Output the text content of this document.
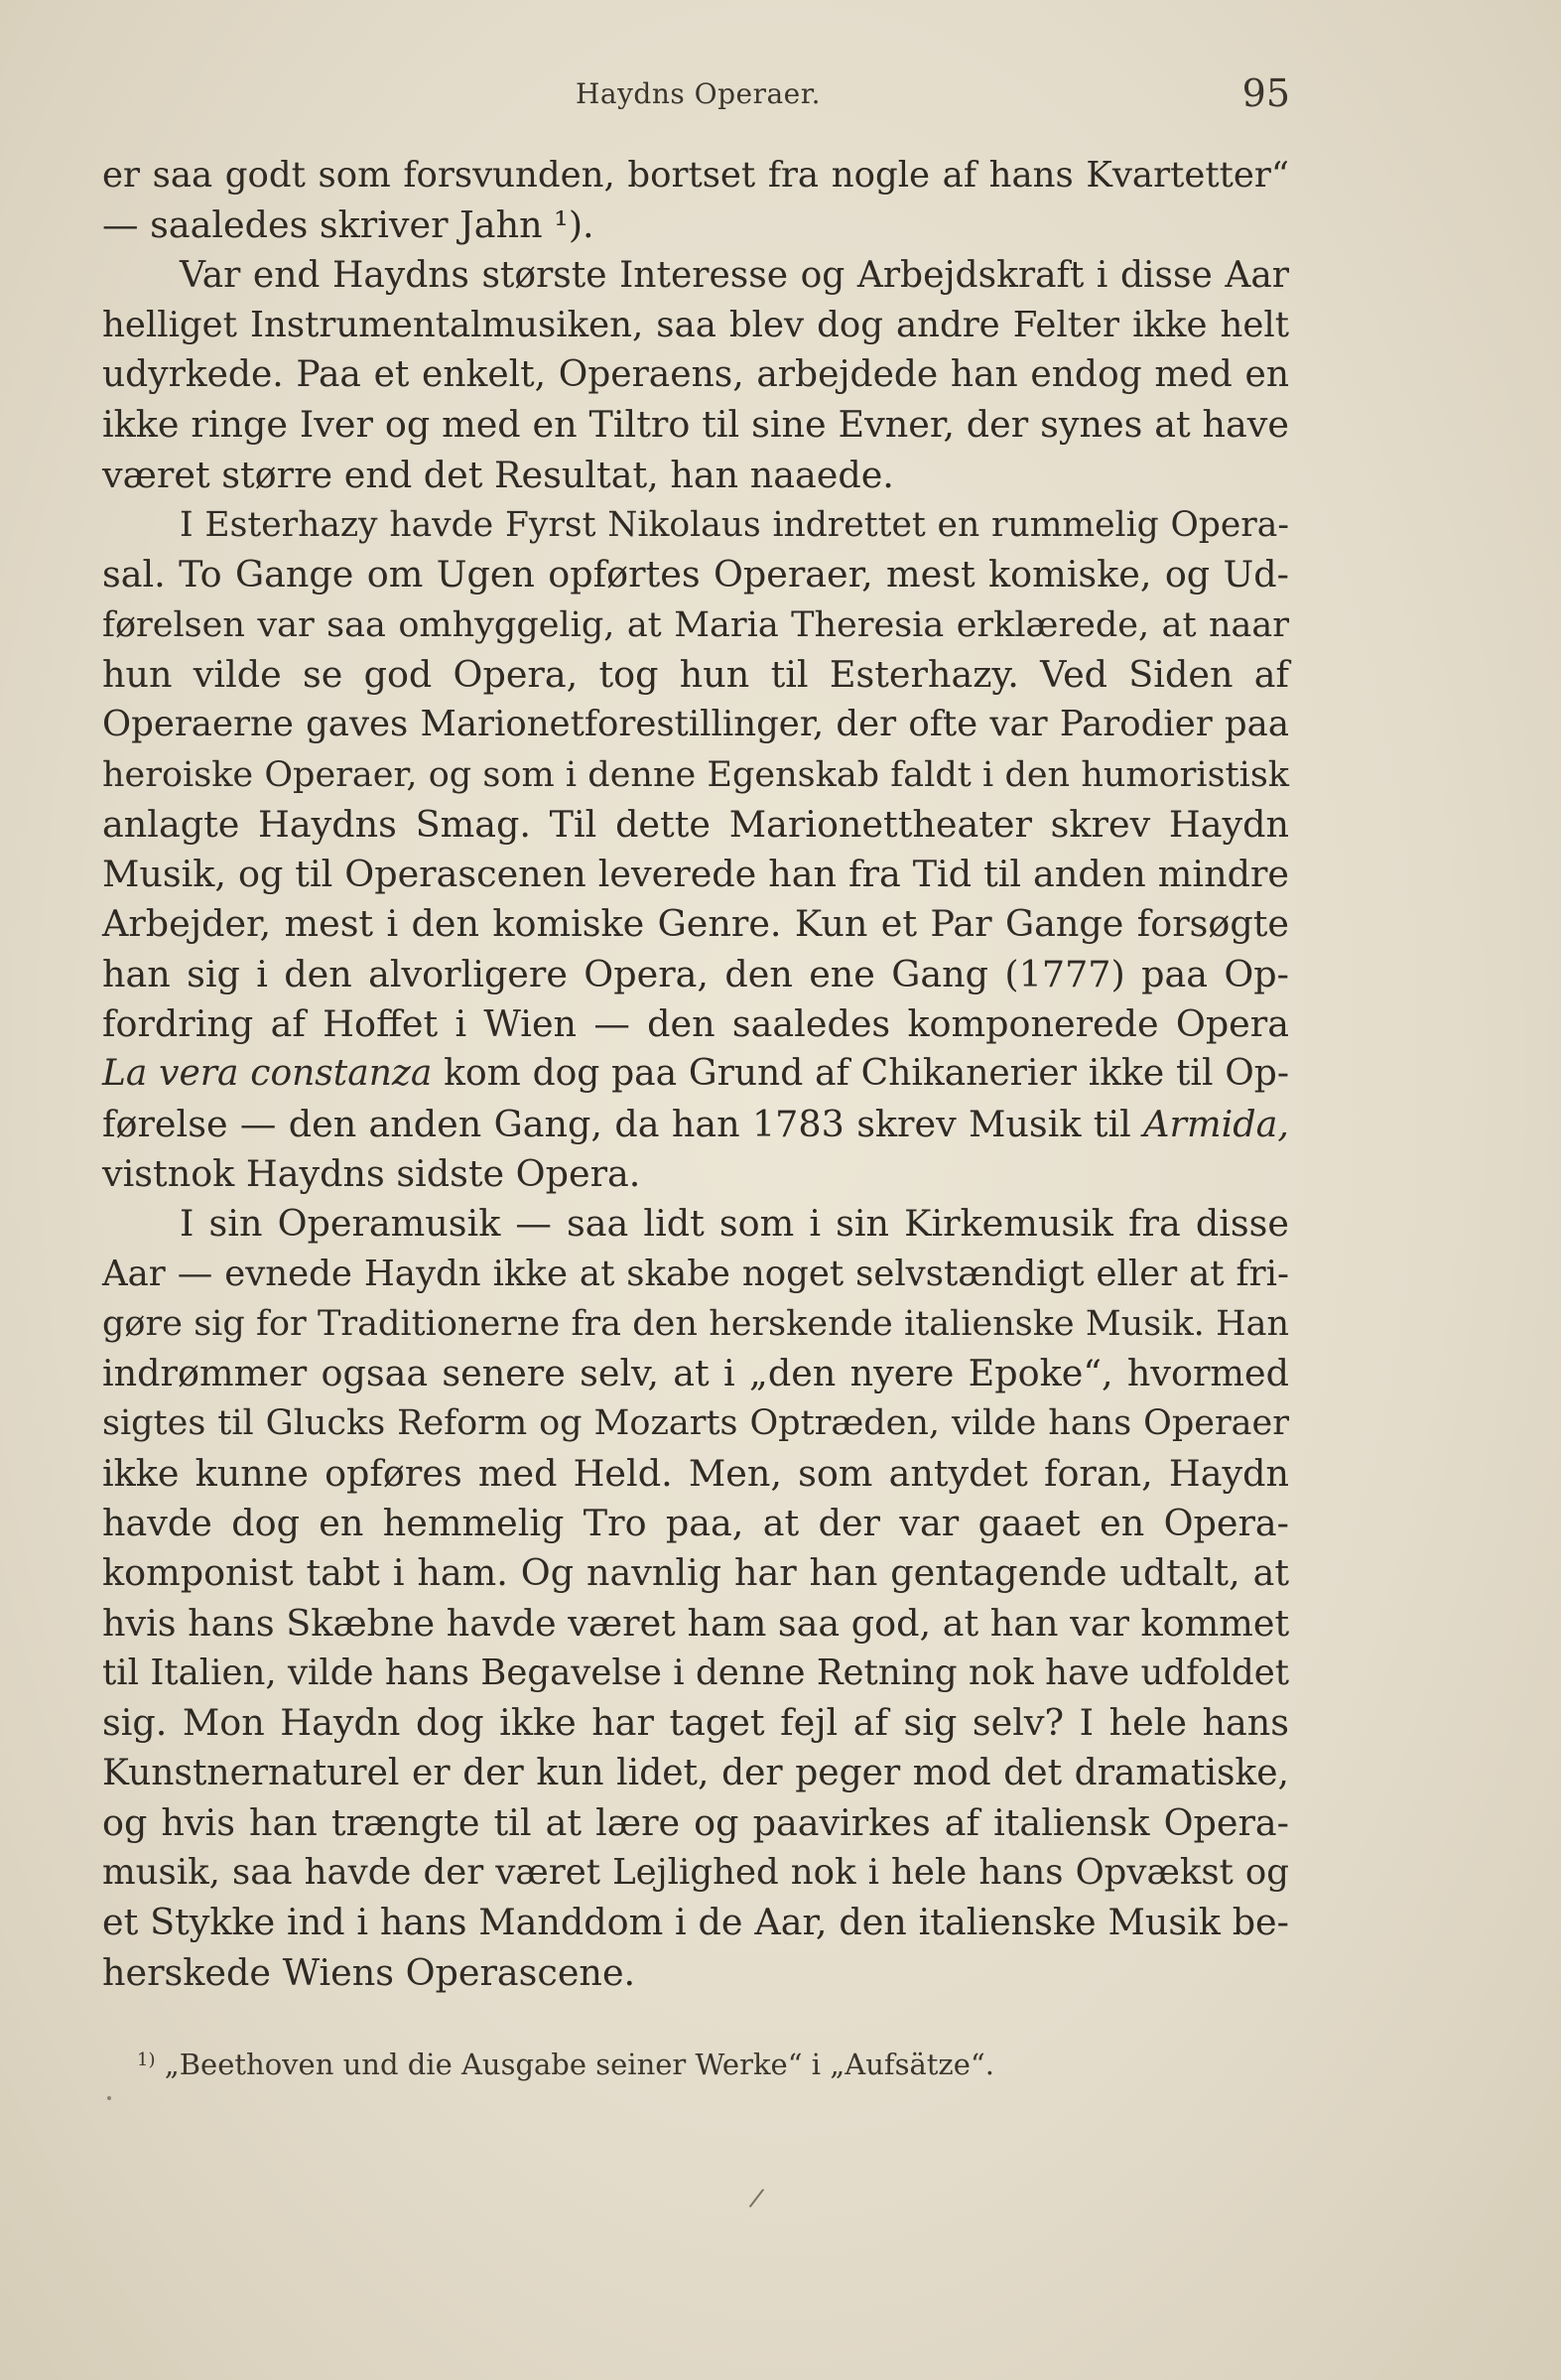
Haydns Operaer.	95
er saa godt som forsvunden, bortset fra nogle af hans Kvartetter“
— saaledes skriver Jahn ¹).
Var end Haydns største Interesse og Arbejdskraft i disse Aar
helliget Instrumentalmusiken, saa blev dog andre Felter ikke helt
udyrkede. Paa et enkelt, Operaens, arbejdede han endog med en
ikke ringe Iver og med en Tiltro til sine Evner, der synes at have
været større end det Resultat, han naaede.
I Esterhazy havde Fyrst Nikolaus indrettet en rummelig Opera-
sal. To Gange om Ugen opførtes Operaer, mest komiske, og Ud-
førelsen var saa omhyggelig, at Maria Theresia erklærede, at naar
hun vilde se god Opera, tog hun til Esterhazy. Ved Siden af
Operaerne gaves Marionetforestillinger, der ofte var Parodier paa
heroiske Operaer, og som i denne Egenskab faldt i den humoristisk
anlagte Haydns Smag. Til dette Marionettheater skrev Haydn
Musik, og til Operascenen leverede han fra Tid til anden mindre
Arbejder, mest i den komiske Genre. Kun et Par Gange forsøgte
han sig i den alvorligere Opera, den ene Gang (1777) paa Op-
fordring af Hoffet i Wien — den saaledes komponerede Opera
La vera constanza kom dog paa Grund af Chikanerier ikke til Op-
førelse — den anden Gang, da han 1783 skrev Musik til Armida,
vistnok Haydns sidste Opera.
I sin Operamusik — saa lidt som i sin Kirkemusik fra disse
Aar — evnede Haydn ikke at skabe noget selvstændigt eller at fri-
gøre sig for Traditionerne fra den herskende italienske Musik. Han
indrømmer ogsaa senere selv, at i „den nyere Epoke“, hvormed
sigtes til Glucks Reform og Mozarts Optræden, vilde hans Operaer
ikke kunne opføres med Held. Men, som antydet foran, Haydn
havde dog en hemmelig Tro paa, at der var gaaet en Opera-
komponist tabt i ham. Og navnlig har han gentagende udtalt, at
hvis hans Skæbne havde været ham saa god, at han var kommet
til Italien, vilde hans Begavelse i denne Retning nok have udfoldet
sig. Mon Haydn dog ikke har taget fejl af sig selv? I hele hans
Kunstnernaturel er der kun lidet, der peger mod det dramatiske,
og hvis han trængte til at lære og paavirkes af italiensk Opera-
musik, saa havde der været Lejlighed nok i hele hans Opvækst og
et Stykke ind i hans Manddom i de Aar, den italienske Musik be-
herskede Wiens Operascene.
$^{1)}$ „Beethoven und die Ausgabe seiner Werke“ i „Aufsätze“.
/
